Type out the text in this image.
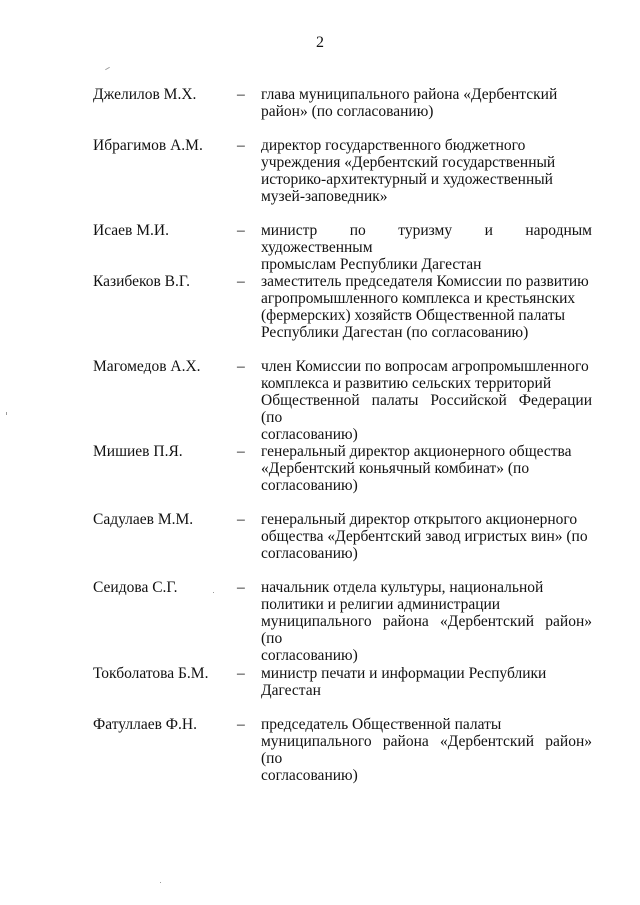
2
Джелилов М.Х.	–	глава муниципального района «Дербентский
район» (по согласованию)
Ибрагимов А.М.	–	директор государственного бюджетного
учреждения «Дербентский государственный
историко-архитектурный и художественный
музей-заповедник»
Исаев М.И.	–	министр по туризму и народным художественным
промыслам Республики Дагестан
Казибеков В.Г.	–	заместитель председателя Комиссии по развитию
агропромышленного комплекса и крестьянских
(фермерских) хозяйств Общественной палаты
Республики Дагестан (по согласованию)
Магомедов А.Х.	–	член Комиссии по вопросам агропромышленного
комплекса и развитию сельских территорий
Общественной палаты Российской Федерации (по
согласованию)
Мишиев П.Я.	–	генеральный директор акционерного общества
«Дербентский коньячный комбинат» (по
согласованию)
Садулаев М.М.	–	генеральный директор открытого акционерного
общества «Дербентский завод игристых вин» (по
согласованию)
Сеидова С.Г.	–	начальник отдела культуры, национальной
политики и религии администрации
муниципального района «Дербентский район» (по
согласованию)
Токболатова Б.М.	–	министр печати и информации Республики
Дагестан
Фатуллаев Ф.Н.	–	председатель Общественной палаты
муниципального района «Дербентский район» (по
согласованию)
